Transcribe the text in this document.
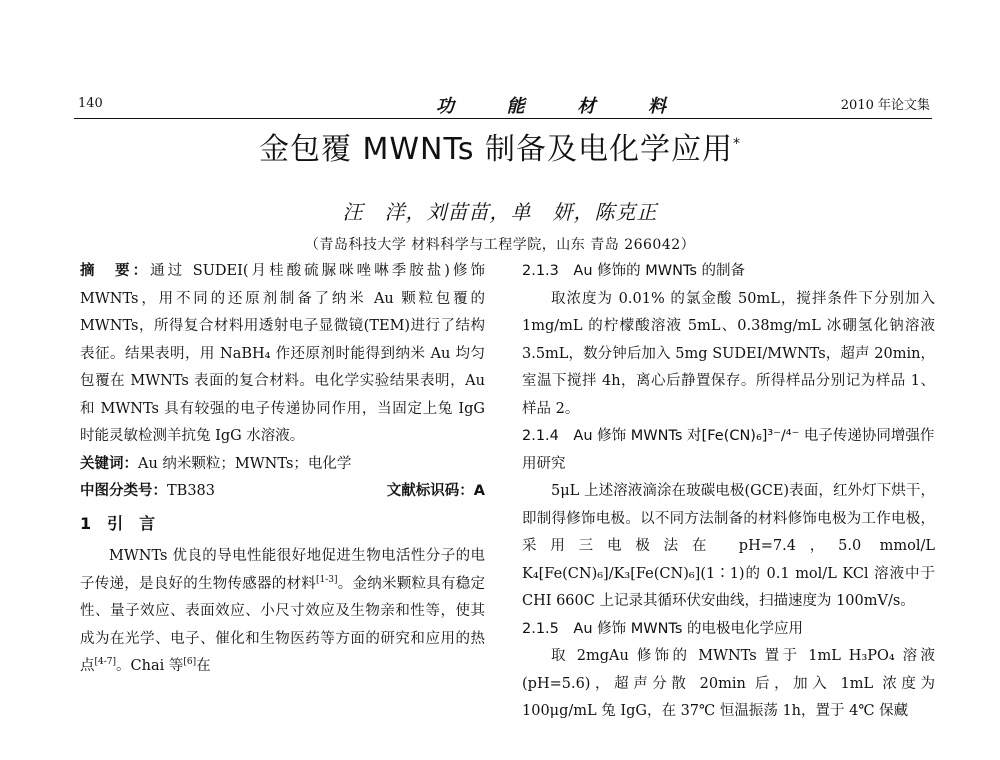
140	功	能	材	料	2010 年论文集
金包覆 MWNTs 制备及电化学应用*
汪　洋，刘苗苗，单　妍，陈克正
（青岛科技大学 材料科学与工程学院，山东 青岛 266042）

摘　要：通过 SUDEI(月桂酸硫脲咪唑啉季胺盐)修饰 MWNTs，用不同的还原剂制备了纳米 Au 颗粒包覆的 MWNTs，所得复合材料用透射电子显微镜(TEM)进行了结构表征。结果表明，用 NaBH₄ 作还原剂时能得到纳米 Au 均匀包覆在 MWNTs 表面的复合材料。电化学实验结果表明，Au 和 MWNTs 具有较强的电子传递协同作用，当固定上兔 IgG 时能灵敏检测羊抗兔 IgG 水溶液。

关键词：Au 纳米颗粒；MWNTs；电化学

中图分类号：TB383	文献标识码：A
1　引　言

MWNTs 优良的导电性能很好地促进生物电活性分子的电子传递，是良好的生物传感器的材料[1-3]。金纳米颗粒具有稳定性、量子效应、表面效应、小尺寸效应及生物亲和性等，使其成为在光学、电子、催化和生物医药等方面的研究和应用的热点[4-7]。Chai 等[6]在

2.1.3　Au 修饰的 MWNTs 的制备

取浓度为 0.01% 的氯金酸 50mL，搅拌条件下分别加入 1mg/mL 的柠檬酸溶液 5mL、0.38mg/mL 冰硼氢化钠溶液 3.5mL，数分钟后加入 5mg SUDEI/MWNTs，超声 20min，室温下搅拌 4h，离心后静置保存。所得样品分别记为样品 1、样品 2。

2.1.4　Au 修饰 MWNTs 对[Fe(CN)₆]³⁻/⁴⁻ 电子传递协同增强作用研究

5μL 上述溶液滴涂在玻碳电极(GCE)表面，红外灯下烘干，即制得修饰电极。以不同方法制备的材料修饰电极为工作电极，采用三电极法在 pH=7.4，5.0 mmol/L K₄[Fe(CN)₆]/K₃[Fe(CN)₆](1∶1)的 0.1 mol/L KCl 溶液中于 CHI 660C 上记录其循环伏安曲线，扫描速度为 100mV/s。

2.1.5　Au 修饰 MWNTs 的电极电化学应用

取 2mgAu 修饰的 MWNTs 置于 1mL H₃PO₄ 溶液(pH=5.6)，超声分散 20min 后，加入 1mL 浓度为 100μg/mL 兔 IgG，在 37℃ 恒温振荡 1h，置于 4℃ 保藏
